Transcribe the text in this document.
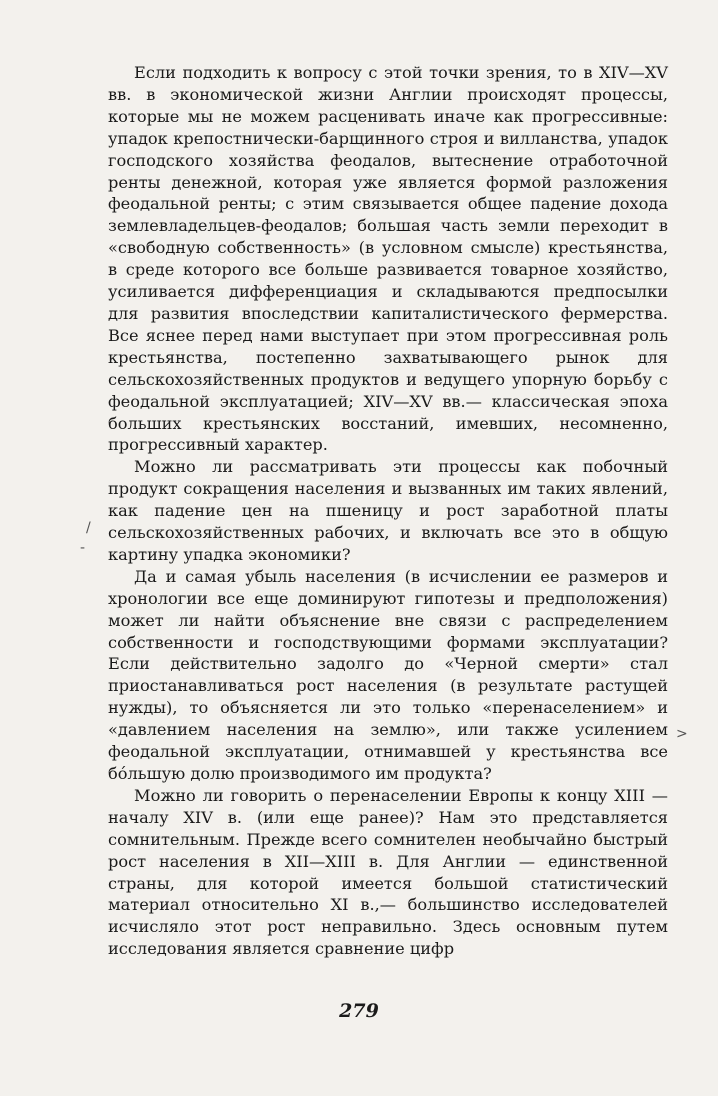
Если подходить к вопросу с этой точки зрения, то в XIV—XV вв. в экономической жизни Англии происходят процессы, которые мы не можем расценивать иначе как прогрессивные: упадок крепостнически-барщинного строя и вилланства, упадок господского хозяйства феодалов, вытеснение отработочной ренты денежной, которая уже является формой разложения феодальной ренты; с этим связывается общее падение дохода землевладельцев-феодалов; большая часть земли переходит в «свободную собственность» (в условном смысле) крестьянства, в среде которого все больше развивается товарное хозяйство, усиливается дифференциация и складываются предпосылки для развития впоследствии капиталистического фермерства. Все яснее перед нами выступает при этом прогрессивная роль крестьянства, постепенно захватывающего рынок для сельскохозяйственных продуктов и ведущего упорную борьбу с феодальной эксплуатацией; XIV—XV вв.— классическая эпоха больших крестьянских восстаний, имевших, несомненно, прогрессивный характер.

Можно ли рассматривать эти процессы как побочный продукт сокращения населения и вызванных им таких явлений, как падение цен на пшеницу и рост заработной платы сельскохозяйственных рабочих, и включать все это в общую картину упадка экономики?

Да и самая убыль населения (в исчислении ее размеров и хронологии все еще доминируют гипотезы и предположения) может ли найти объяснение вне связи с распределением собственности и господствующими формами эксплуатации? Если действительно задолго до «Черной смерти» стал приостанавливаться рост населения (в результате растущей нужды), то объясняется ли это только «перенаселением» и «давлением населения на землю», или также усилением феодальной эксплуатации, отнимавшей у крестьянства все бóльшую долю производимого им продукта?

Можно ли говорить о перенаселении Европы к концу XIII — началу XIV в. (или еще ранее)? Нам это представляется сомнительным. Прежде всего сомнителен необычайно быстрый рост населения в XII—XIII в. Для Англии — единственной страны, для которой имеется большой статистический материал относительно XI в.,— большинство исследователей исчисляло этот рост неправильно. Здесь основным путем исследования является сравнение цифр

/
-
>
279
